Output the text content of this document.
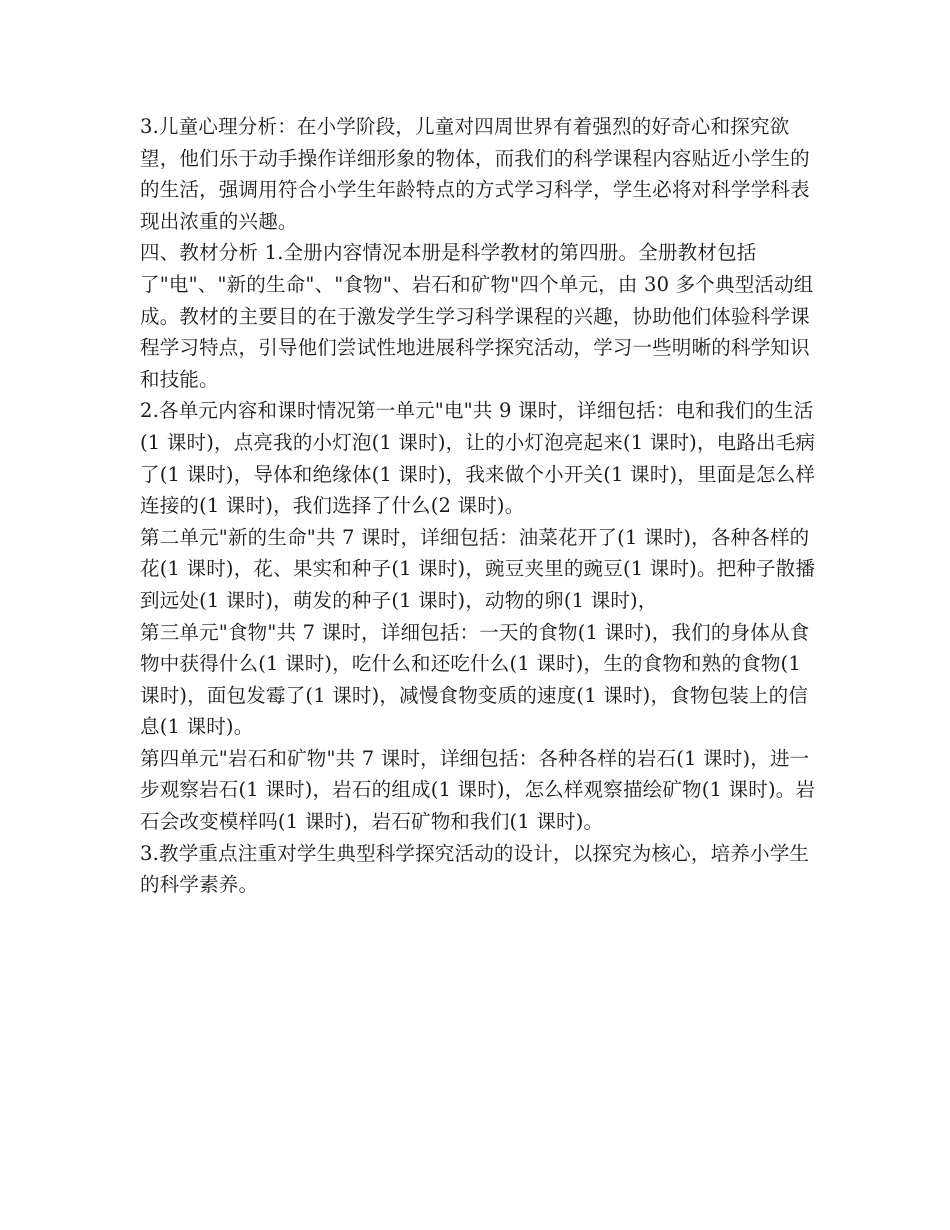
3.儿童心理分析：在小学阶段，儿童对四周世界有着强烈的好奇心和探究欲望，他们乐于动手操作详细形象的物体，而我们的科学课程内容贴近小学生的的生活，强调用符合小学生年龄特点的方式学习科学，学生必将对科学学科表现出浓重的兴趣。

四、教材分析 1.全册内容情况本册是科学教材的第四册。全册教材包括了"电"、"新的生命"、"食物"、岩石和矿物"四个单元，由 30 多个典型活动组成。教材的主要目的在于激发学生学习科学课程的兴趣，协助他们体验科学课程学习特点，引导他们尝试性地进展科学探究活动，学习一些明晰的科学知识和技能。

2.各单元内容和课时情况第一单元"电"共 9 课时，详细包括：电和我们的生活(1 课时)，点亮我的小灯泡(1 课时)，让的小灯泡亮起来(1 课时)，电路出毛病了(1 课时)，导体和绝缘体(1 课时)，我来做个小开关(1 课时)，里面是怎么样连接的(1 课时)，我们选择了什么(2 课时)。

第二单元"新的生命"共 7 课时，详细包括：油菜花开了(1 课时)，各种各样的花(1 课时)，花、果实和种子(1 课时)，豌豆夹里的豌豆(1 课时)。把种子散播到远处(1 课时)，萌发的种子(1 课时)，动物的卵(1 课时)，

第三单元"食物"共 7 课时，详细包括：一天的食物(1 课时)，我们的身体从食物中获得什么(1 课时)，吃什么和还吃什么(1 课时)，生的食物和熟的食物(1 课时)，面包发霉了(1 课时)，减慢食物变质的速度(1 课时)，食物包装上的信息(1 课时)。

第四单元"岩石和矿物"共 7 课时，详细包括：各种各样的岩石(1 课时)，进一步观察岩石(1 课时)，岩石的组成(1 课时)，怎么样观察描绘矿物(1 课时)。岩石会改变模样吗(1 课时)，岩石矿物和我们(1 课时)。

3.教学重点注重对学生典型科学探究活动的设计，以探究为核心，培养小学生的科学素养。
